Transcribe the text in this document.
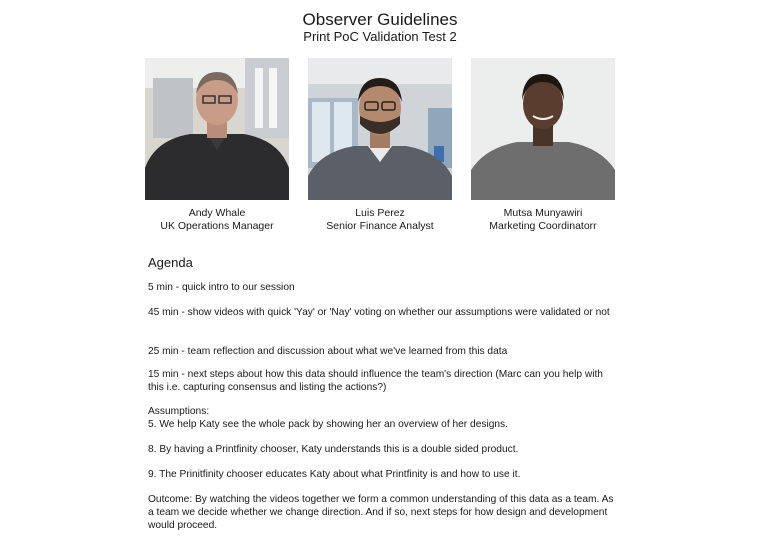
Observer Guidelines
Print PoC Validation Test 2
Andy Whale
UK Operations Manager
Luis Perez
Senior Finance Analyst
Mutsa Munyawiri
Marketing Coordinatorr
Agenda
5 min - quick intro to our session
45 min - show videos with quick 'Yay' or 'Nay' voting on whether our assumptions were validated or not
25 min - team reflection and discussion about what we've learned from this data
15 min - next steps about how this data should influence the team's direction (Marc can you help with this i.e. capturing consensus and listing the actions?)
Assumptions:
5. We help Katy see the whole pack by showing her an overview of her designs.
8. By having a Printfinity chooser, Katy understands this is a double sided product.
9. The Prinitfinity chooser educates Katy about what Printfinity is and how to use it.
Outcome: By watching the videos together we form a common understanding of this data as a team. As a team we decide whether we change direction. And if so, next steps for how design and development would proceed.
